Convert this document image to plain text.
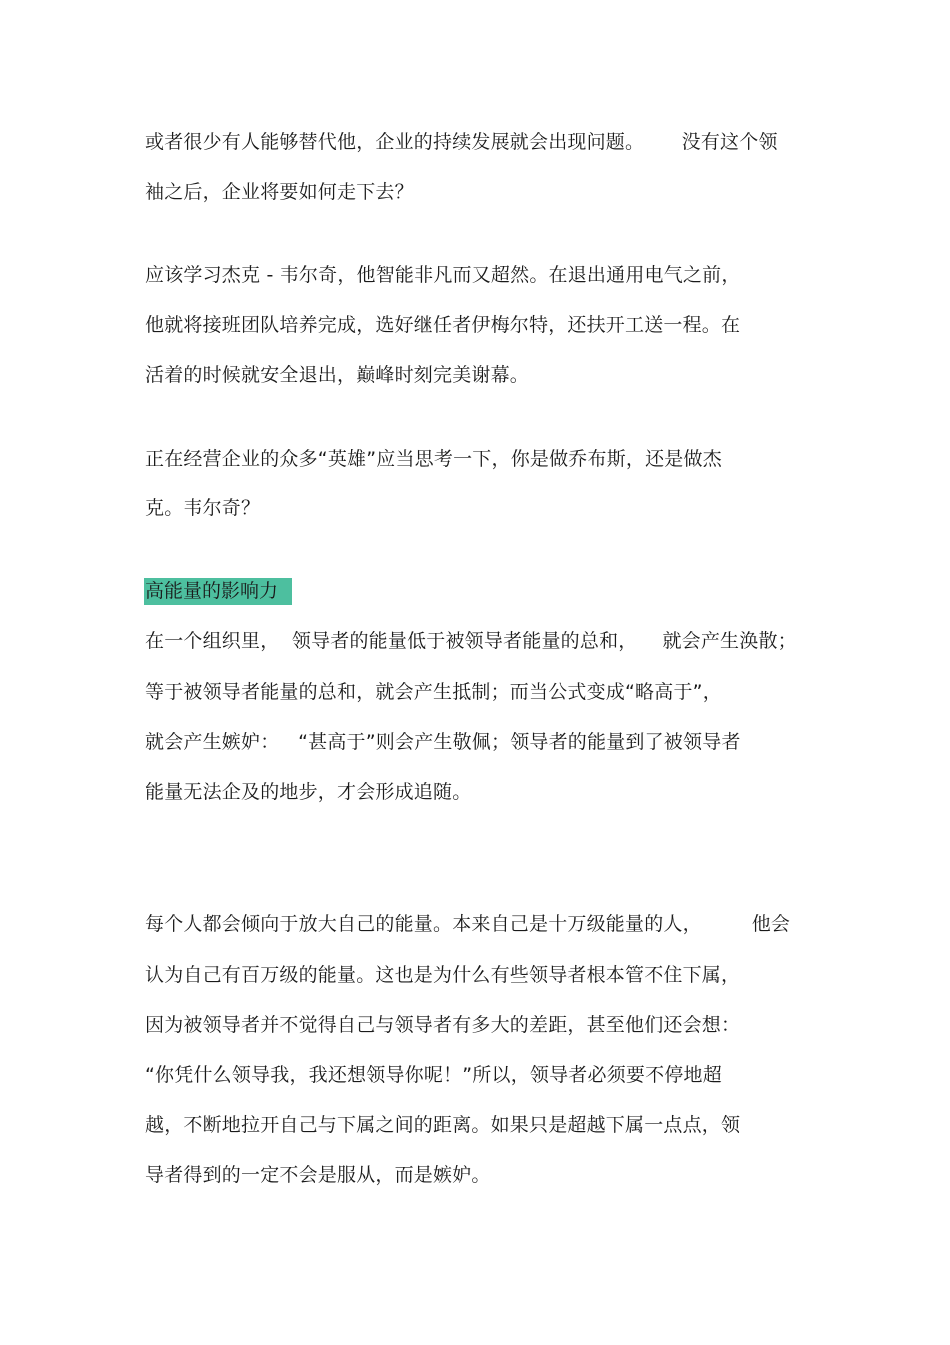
或者很少有人能够替代他，企业的持续发展就会出现问题。      没有这个领
袖之后，企业将要如何走下去？
应该学习杰克 - 韦尔奇，他智能非凡而又超然。在退出通用电气之前，
他就将接班团队培养完成，选好继任者伊梅尔特，还扶开工送一程。在
活着的时候就安全退出，巅峰时刻完美谢幕。
正在经营企业的众多“英雄”应当思考一下，你是做乔布斯，还是做杰
克。韦尔奇？
高能量的影响力
在一个组织里，  领导者的能量低于被领导者能量的总和，    就会产生涣散；
等于被领导者能量的总和，就会产生抵制；而当公式变成“略高于”，
就会产生嫉妒：   “甚高于”则会产生敬佩；领导者的能量到了被领导者
能量无法企及的地步，才会形成追随。
每个人都会倾向于放大自己的能量。本来自己是十万级能量的人，        他会
认为自己有百万级的能量。这也是为什么有些领导者根本管不住下属，
因为被领导者并不觉得自己与领导者有多大的差距，甚至他们还会想：
“你凭什么领导我，我还想领导你呢！”所以，领导者必须要不停地超
越，不断地拉开自己与下属之间的距离。如果只是超越下属一点点，领
导者得到的一定不会是服从，而是嫉妒。
